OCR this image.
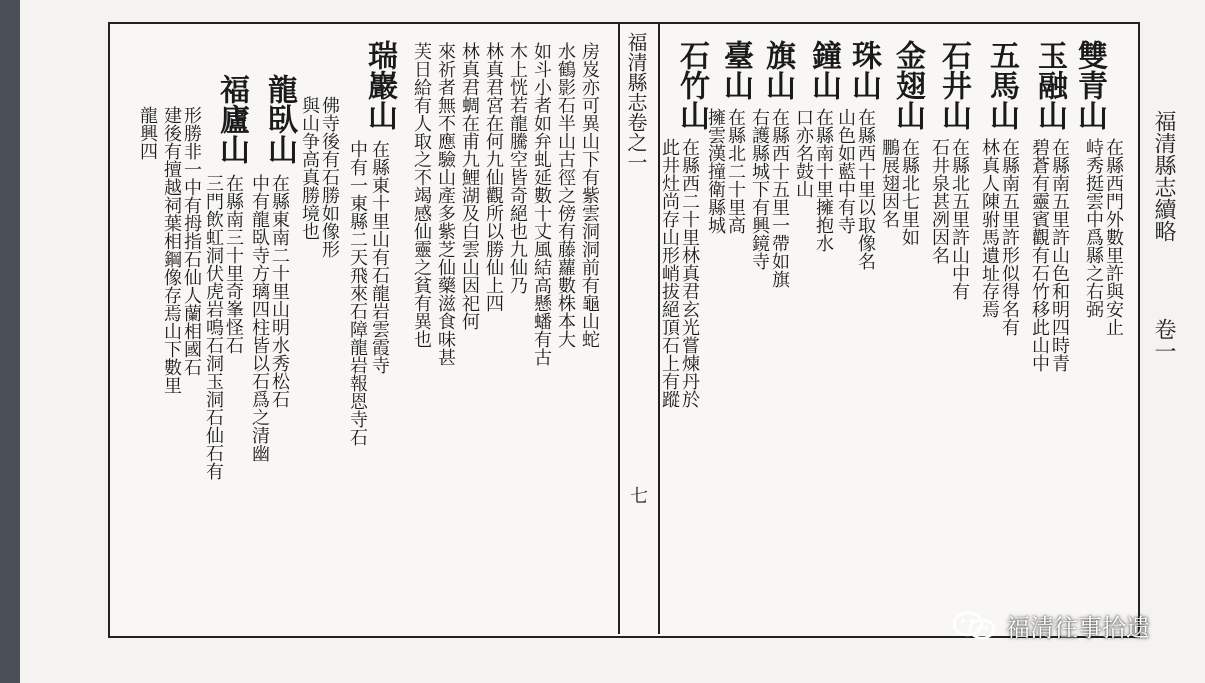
福清縣志續略
卷一
福清縣志卷之一
七
雙青山
在縣西門外數里許與安止
峙秀挺雲中爲縣之右弼
玉融山
在縣南五里許山色和明四時青
碧蒼有靈賓觀有石竹移此山中
五馬山
在縣南五里許形似得名有
林真人陳驸馬遺址存焉
石井山
在縣北五里許山中有
石井泉甚冽因名
金翅山
在縣北七里如
鵬展翅因名
珠山
在縣西十里以取像名
山色如藍中有寺
鐘山
在縣南十里擁抱水
口亦名鼓山
旗山
在縣西十五里一帶如旗
右護縣城下有興鏡寺
臺山
在縣北二十里高
擁雲漢撞衛縣城
石竹山
在縣西二十里林真君玄光嘗煉丹於
此井灶尚存山形峭拔絕頂石上有蹤
房岌亦可異山下有紫雲洞洞前有龜山蛇
水鶴影石半山古徑之傍有藤蘿數株本大
如斗小者如弁虬延數十丈風結高懸蟠有古
木上恍若龍騰空皆奇絕也九仙乃
林真君宮在何九仙觀所以勝仙上四
林真君蜩在甫九鯉湖及白雲山因祀何
來祈者無不應驗山產多紫芝仙藥滋食味甚
芙日給有人取之不竭感仙靈之貧有異也
瑞巖山
在縣東十里山有石龍岩雲霞寺
中有一東縣二天飛來石障龍岩報恩寺石
佛寺後有石勝如像形
與山争高真勝境也
龍臥山
在縣東南二十里山明水秀松石
中有龍臥寺方璃四柱皆以石爲之清幽
福廬山
在縣南三十里奇峯怪石
三門飲虹洞伏虎岩鳴石洞玉洞石仙石有
形勝非一中有拇指石仙人蘭相國石
建後有擅越祠葉相鋼像存焉山下數里
龍興四
福清往事拾遗
